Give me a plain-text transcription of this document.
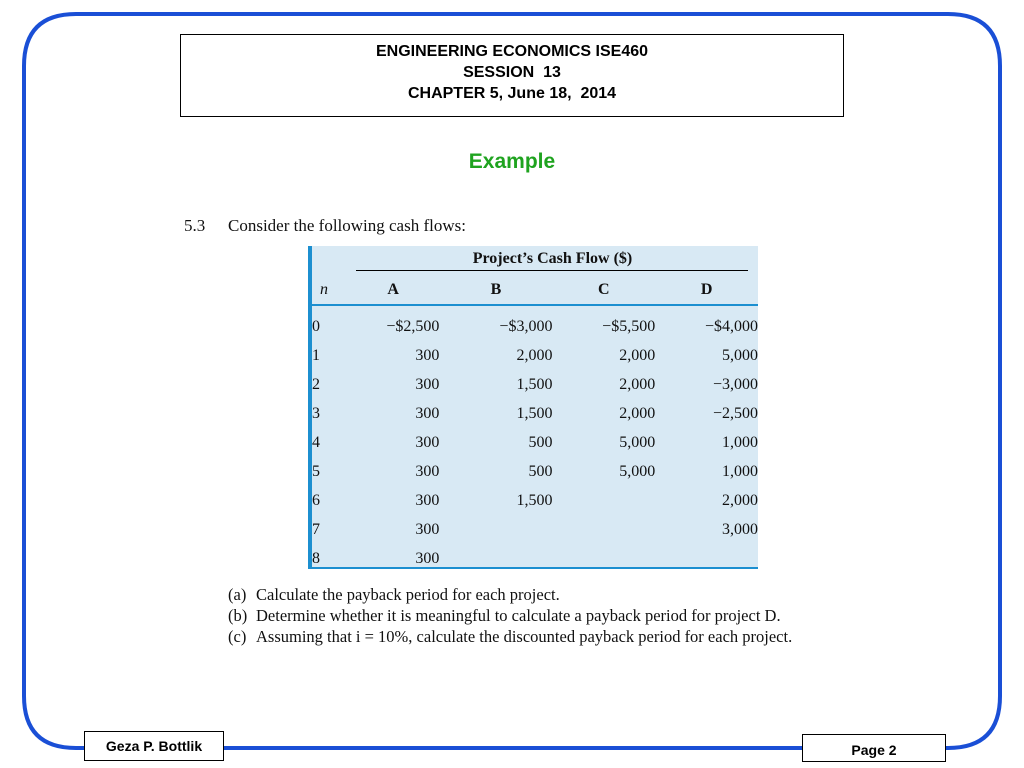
ENGINEERING ECONOMICS ISE460
SESSION  13
CHAPTER 5, June 18,  2014
Example
5.3 Consider the following cash flows:
	Project’s Cash Flow ($)			
n	A	B	C	D
0	−$2,500	−$3,000	−$5,500	−$4,000
1	300	2,000	2,000	5,000
2	300	1,500	2,000	−3,000
3	300	1,500	2,000	−2,500
4	300	500	5,000	1,000
5	300	500	5,000	1,000
6	300	1,500		2,000
7	300			3,000
8	300			
(a) Calculate the payback period for each project.
(b) Determine whether it is meaningful to calculate a payback period for project D.
(c) Assuming that i = 10%, calculate the discounted payback period for each project.
Geza P. Bottlik	Page 2
